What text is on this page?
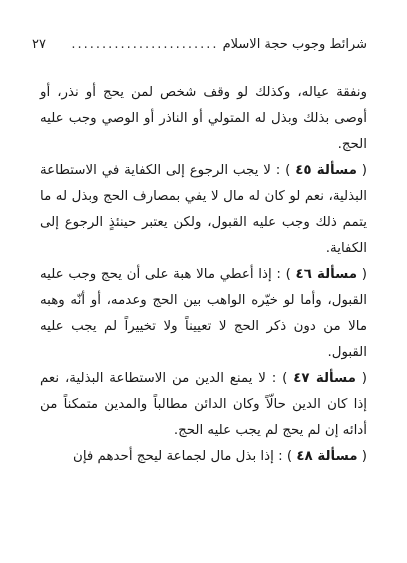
شرائط وجوب حجة الاسلام
........................
٢٧

ونفقة عياله، وكذلك لو وقف شخص لمن يحج أو نذر، أو أوصى بذلك وبذل له المتولي أو الناذر أو الوصي وجب عليه الحج.

( مسألة ٤٥ ) : لا يجب الرجوع إلى الكفاية في الاستطاعة البذلية، نعم لو كان له مال لا يفي بمصارف الحج وبذل له ما يتمم ذلك وجب عليه القبول، ولكن يعتبر حينئذٍ الرجوع إلى الكفاية.

( مسألة ٤٦ ) : إذا أعطي مالا هبة على أن يحج وجب عليه القبول، وأما لو خيّره الواهب بين الحج وعدمه، أو أنّه وهبه مالا من دون ذكر الحج لا تعييناً ولا تخييراً لم يجب عليه القبول.

( مسألة ٤٧ ) : لا يمنع الدين من الاستطاعة البذلية، نعم إذا كان الدين حالّاً وكان الدائن مطالباً والمدين متمكناً من أدائه إن لم يحج لم يجب عليه الحج.

( مسألة ٤٨ ) : إذا بذل مال لجماعة ليحج أحدهم فإن
